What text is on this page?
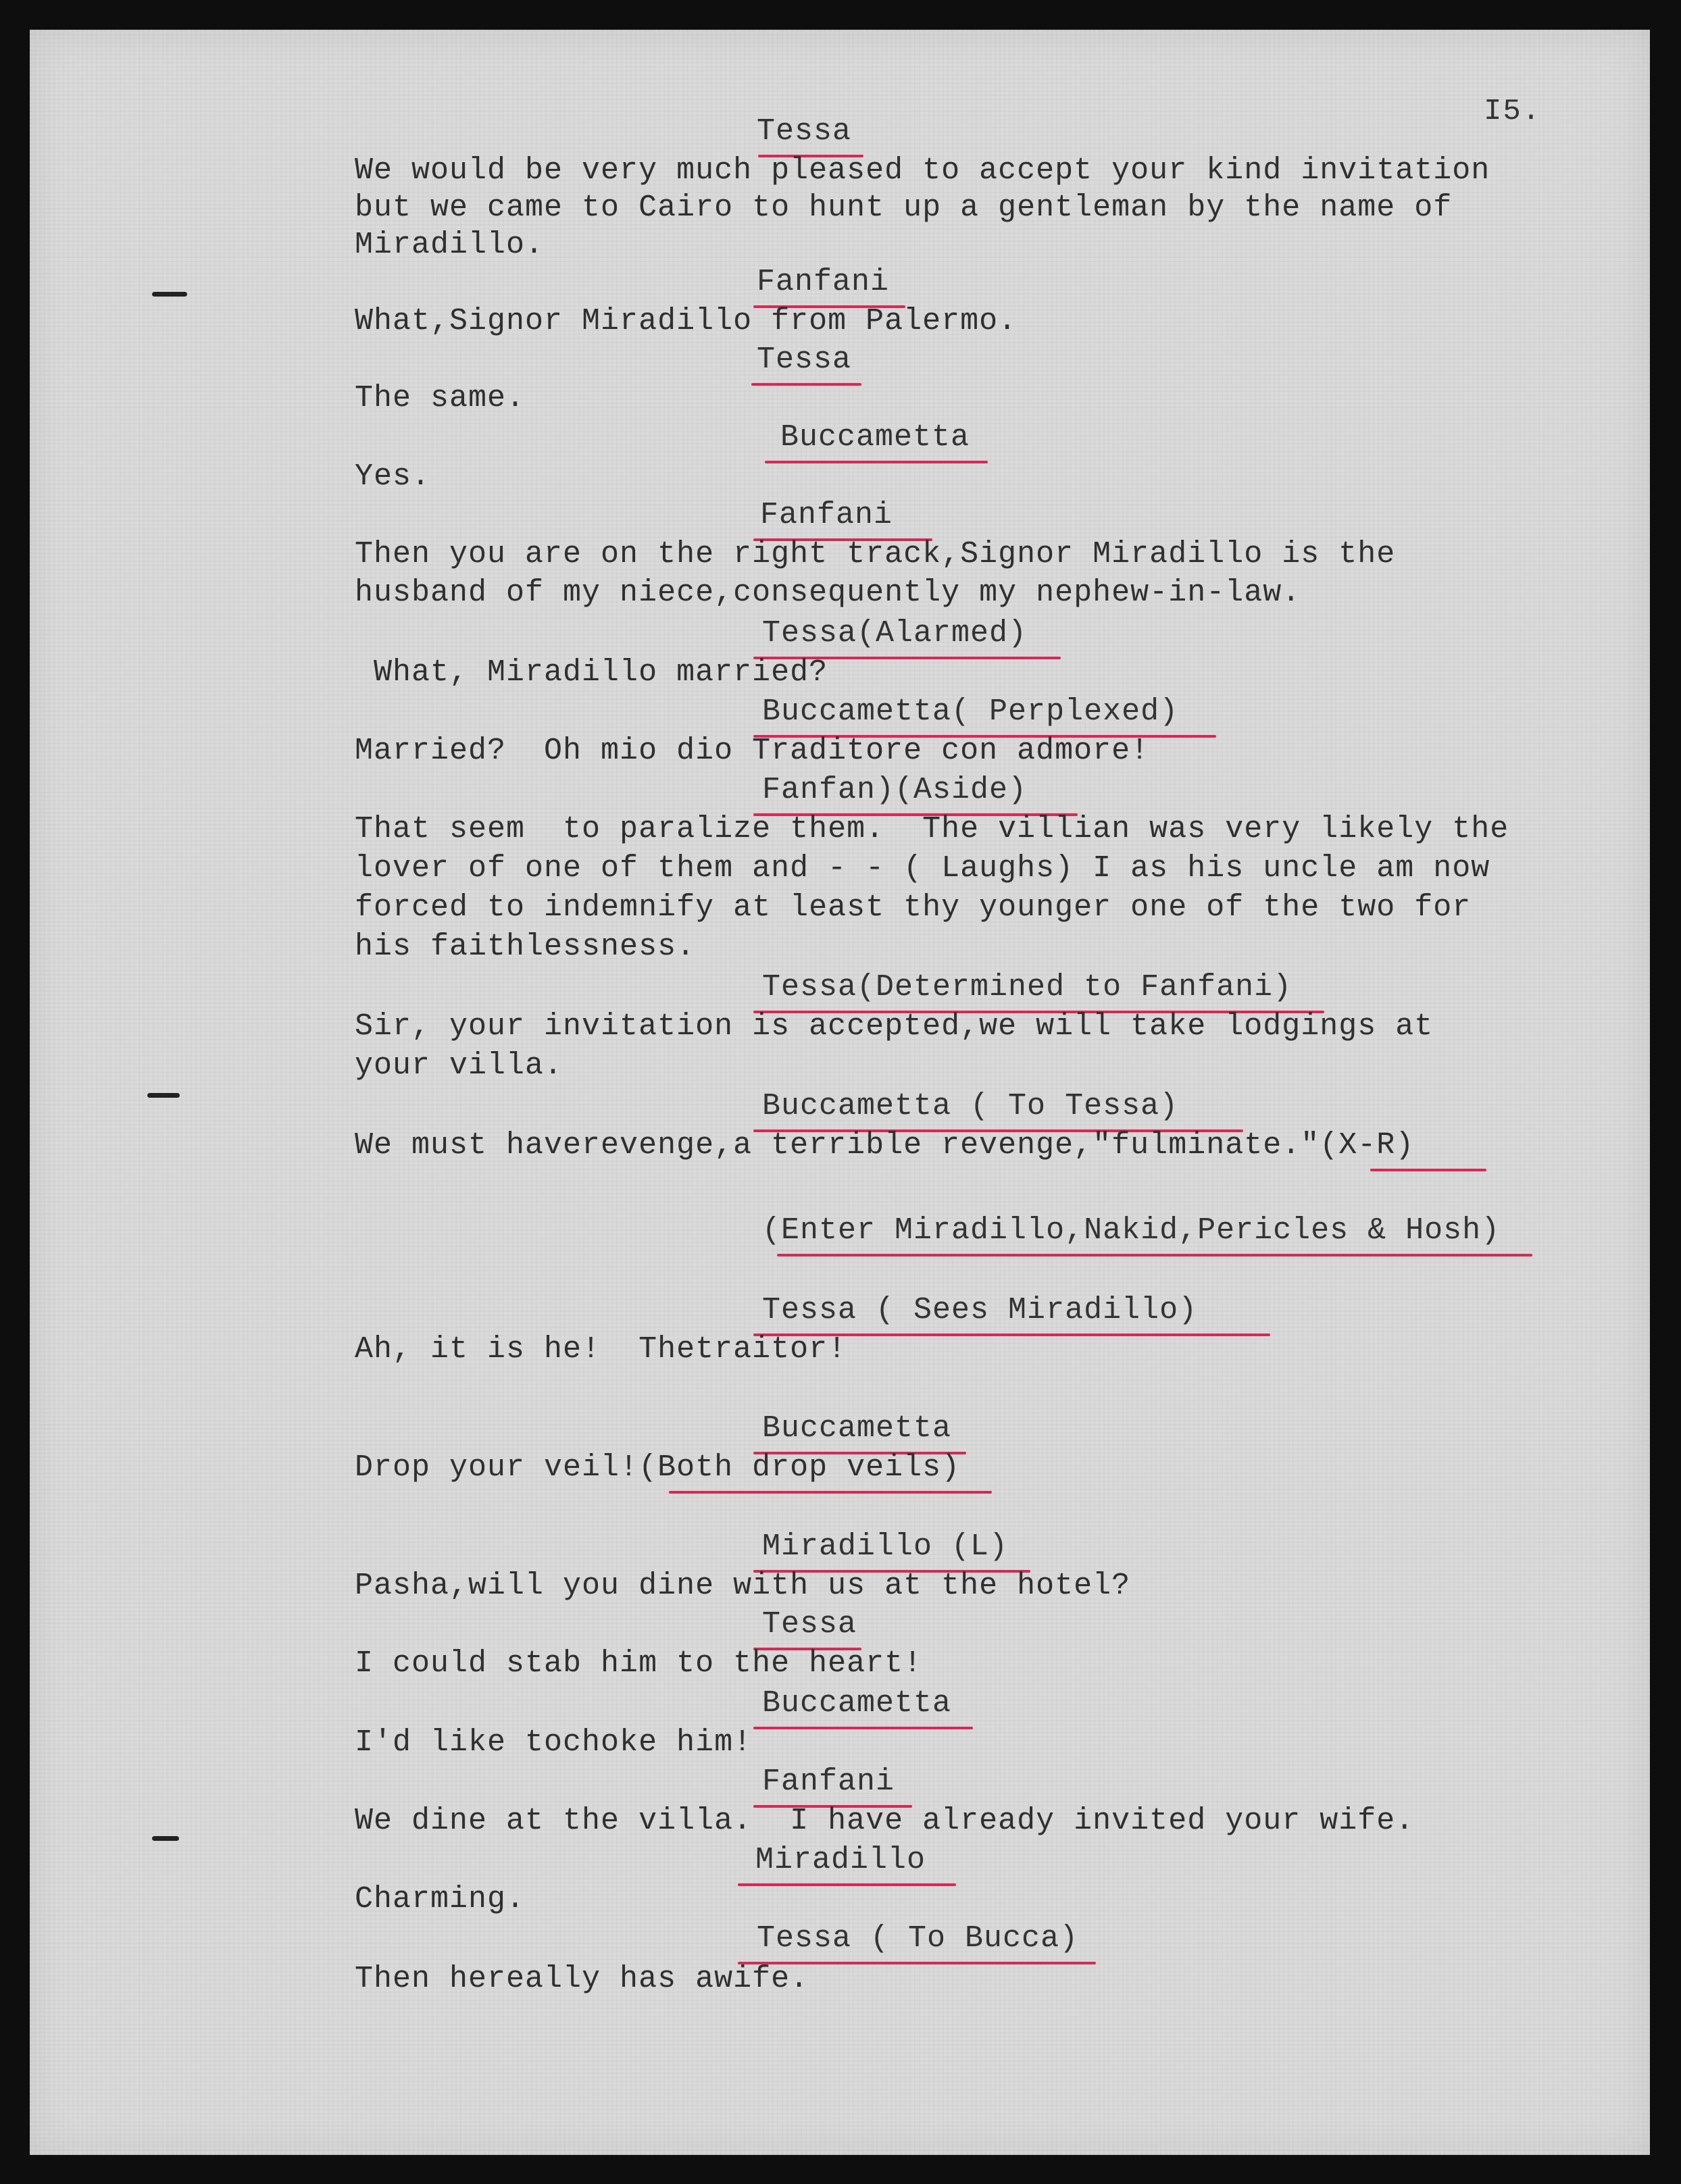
I5.
Tessa
We would be very much pleased to accept your kind invitation
but we came to Cairo to hunt up a gentleman by the name of
Miradillo.
Fanfani
What,Signor Miradillo from Palermo.
Tessa
The same.
Buccametta
Yes.
Fanfani
Then you are on the right track,Signor Miradillo is the
husband of my niece,consequently my nephew-in-law.
Tessa(Alarmed)
What, Miradillo married?
Buccametta( Perplexed)
Married?  Oh mio dio Traditore con admore!
Fanfan)(Aside)
That seem  to paralize them.  The villian was very likely the
lover of one of them and - - ( Laughs) I as his uncle am now
forced to indemnify at least thy younger one of the two for
his faithlessness.
Tessa(Determined to Fanfani)
Sir, your invitation is accepted,we will take lodgings at
your villa.
Buccametta ( To Tessa)
We must haverevenge,a terrible revenge,"fulminate."(X-R)
(Enter Miradillo,Nakid,Pericles & Hosh)
Tessa ( Sees Miradillo)
Ah, it is he!  Thetraitor!
Buccametta
Drop your veil!(Both drop veils)
Miradillo (L)
Pasha,will you dine with us at the hotel?
Tessa
I could stab him to the heart!
Buccametta
I'd like tochoke him!
Fanfani
We dine at the villa.  I have already invited your wife.
Miradillo
Charming.
Tessa ( To Bucca)
Then hereally has awife.
